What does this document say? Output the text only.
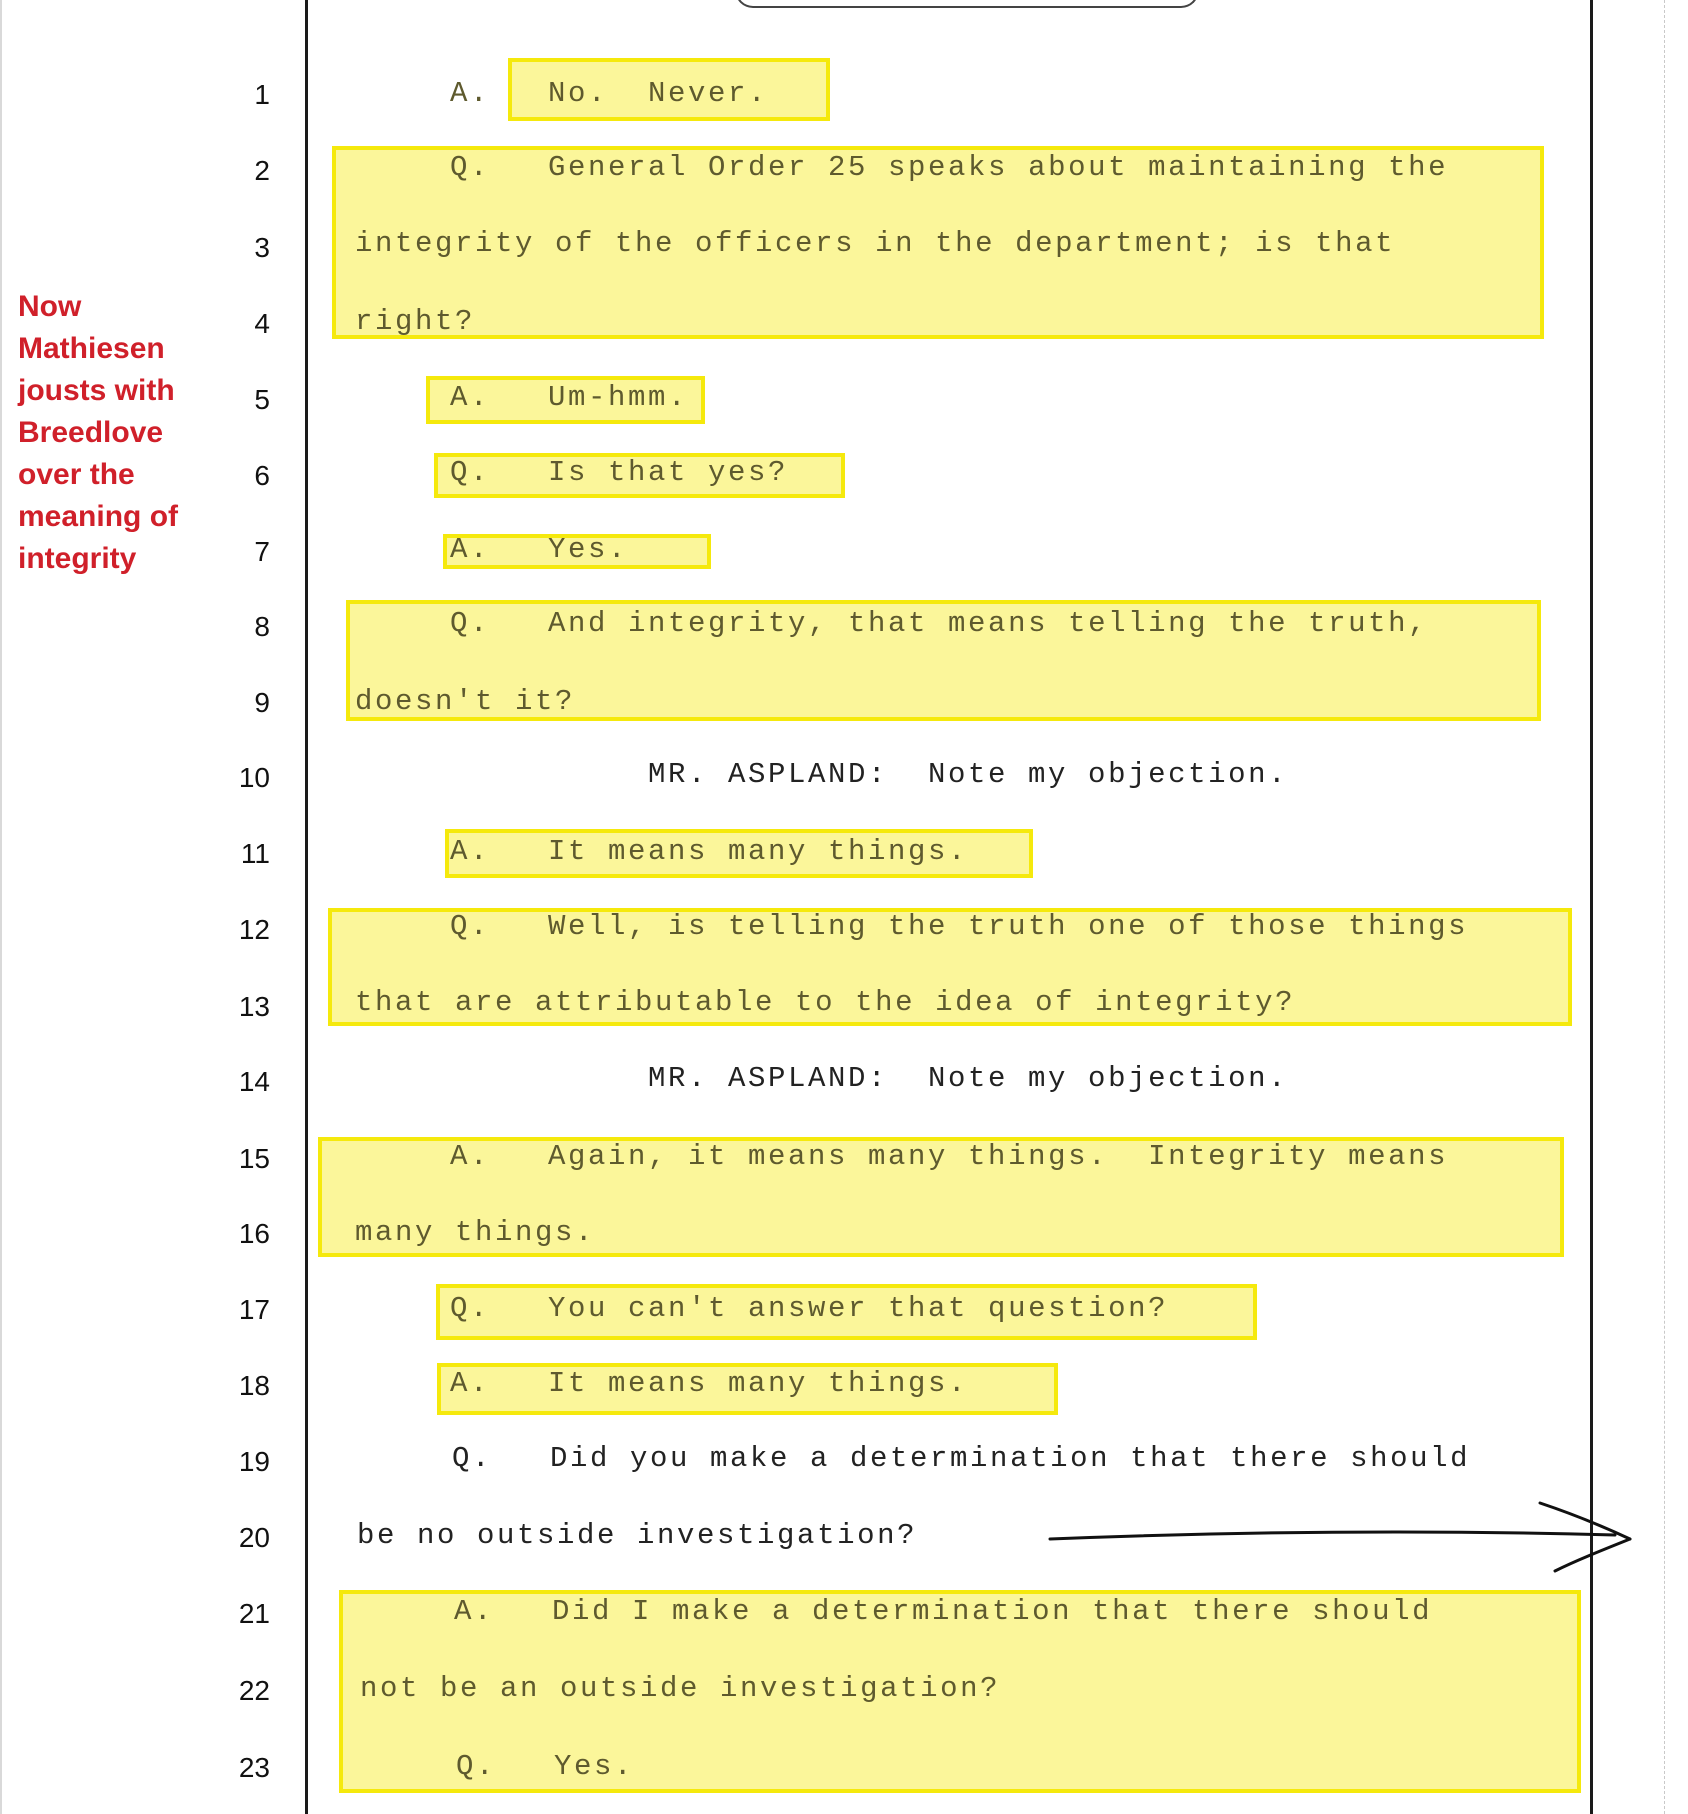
Now
Mathiesen
jousts with
Breedlove
over the
meaning of
integrity
1
2
3
4
5
6
7
8
9
10
11
12
13
14
15
16
17
18
19
20
21
22
23
A. No.  Never.
Q. General Order 25 speaks about maintaining the
integrity of the officers in the department; is that
right?
A. Um-hmm.
Q. Is that yes?
A. Yes.
Q. And integrity, that means telling the truth,
doesn't it?
MR. ASPLAND:  Note my objection.
A. It means many things.
Q. Well, is telling the truth one of those things
that are attributable to the idea of integrity?
MR. ASPLAND:  Note my objection.
A. Again, it means many things.  Integrity means
many things.
Q. You can't answer that question?
A. It means many things.
Q. Did you make a determination that there should
be no outside investigation?
A. Did I make a determination that there should
not be an outside investigation?
Q. Yes.
